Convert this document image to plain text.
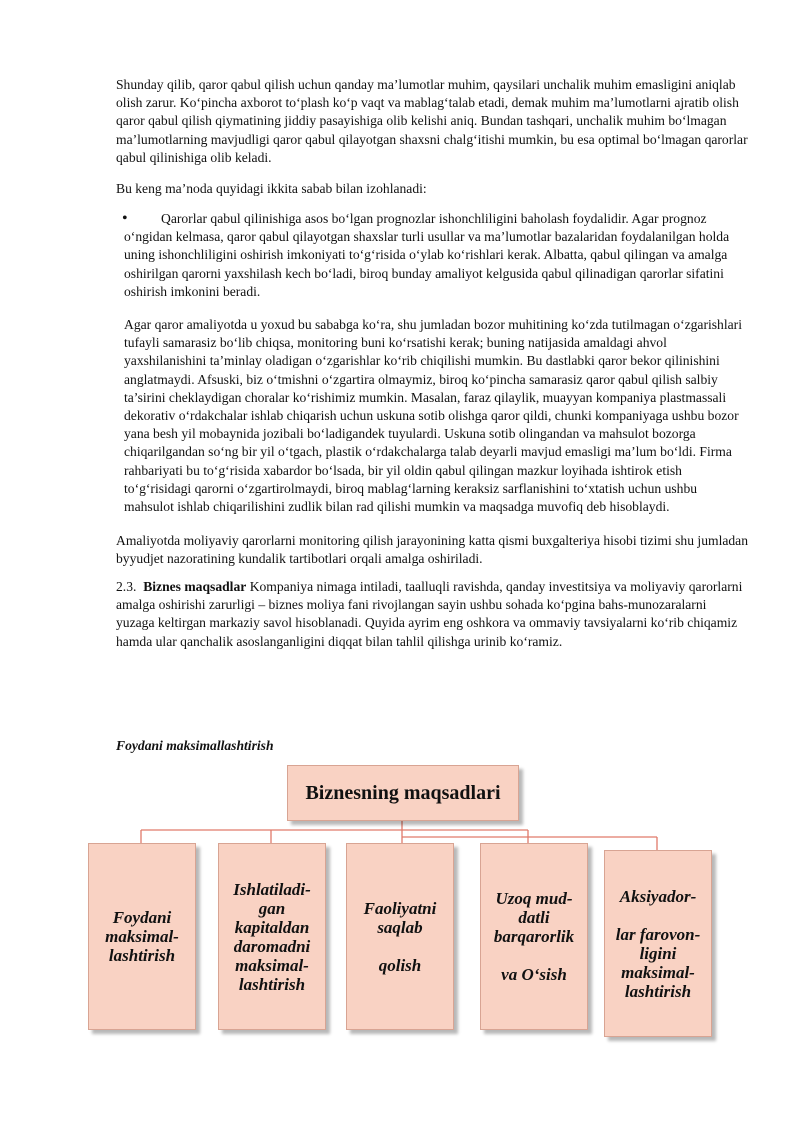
Shunday qilib, qaror qabul qilish uchun qanday ma’lumotlar muhim, qaysilari unchalik muhim emasligini aniqlab olish zarur. Koʻpincha axborot toʻplash koʻp vaqt va mablagʻtalab etadi, demak muhim ma’lumotlarni ajratib olish qaror qabul qilish qiymatining jiddiy pasayishiga olib kelishi aniq. Bundan tashqari, unchalik muhim boʻlmagan ma’lumotlarning mavjudligi qaror qabul qilayotgan shaxsni chalgʻitishi mumkin, bu esa optimal boʻlmagan qarorlar qabul qilinishiga olib keladi.

Bu keng ma’noda quyidagi ikkita sabab bilan izohlanadi:

•	Qarorlar qabul qilinishiga asos boʻlgan prognozlar ishonchliligini baholash foydalidir. Agar prognoz oʻngidan kelmasa, qaror qabul qilayotgan shaxslar turli usullar va ma’lumotlar bazalaridan foydalanilgan holda uning ishonchliligini oshirish imkoniyati toʻgʻrisida oʻylab koʻrishlari kerak. Albatta, qabul qilingan va amalga oshirilgan qarorni yaxshilash kech boʻladi, biroq bunday amaliyot kelgusida qabul qilinadigan qarorlar sifatini oshirish imkonini beradi.

Agar qaror amaliyotda u yoxud bu sababga koʻra, shu jumladan bozor muhitining koʻzda tutilmagan oʻzgarishlari tufayli samarasiz boʻlib chiqsa, monitoring buni koʻrsatishi kerak; buning natijasida amaldagi ahvol yaxshilanishini ta’minlay oladigan oʻzgarishlar koʻrib chiqilishi mumkin. Bu dastlabki qaror bekor qilinishini anglatmaydi. Afsuski, biz oʻtmishni oʻzgartira olmaymiz, biroq koʻpincha samarasiz qaror qabul qilish salbiy ta’sirini cheklaydigan choralar koʻrishimiz mumkin. Masalan, faraz qilaylik, muayyan kompaniya plastmassali dekorativ oʻrdakchalar ishlab chiqarish uchun uskuna sotib olishga qaror qildi, chunki kompaniyaga ushbu bozor yana besh yil mobaynida jozibali boʻladigandek tuyulardi. Uskuna sotib olingandan va mahsulot bozorga chiqarilgandan soʻng bir yil oʻtgach, plastik oʻrdakchalarga talab deyarli mavjud emasligi ma’lum boʻldi. Firma rahbariyati bu toʻgʻrisida xabardor boʻlsada, bir yil oldin qabul qilingan mazkur loyihada ishtirok etish toʻgʻrisidagi qarorni oʻzgartirolmaydi, biroq mablagʻlarning keraksiz sarflanishini toʻxtatish uchun ushbu mahsulot ishlab chiqarilishini zudlik bilan rad qilishi mumkin va maqsadga muvofiq deb hisoblaydi.

Amaliyotda moliyaviy qarorlarni monitoring qilish jarayonining katta qismi buxgalteriya hisobi tizimi shu jumladan byyudjet nazoratining kundalik tartibotlari orqali amalga oshiriladi.

2.3. Biznes maqsadlar Kompaniya nimaga intiladi, taalluqli ravishda, qanday investitsiya va moliyaviy qarorlarni amalga oshirishi zarurligi – biznes moliya fani rivojlangan sayin ushbu sohada koʻpgina bahs-munozaralarni yuzaga keltirgan markaziy savol hisoblanadi. Quyida ayrim eng oshkora va ommaviy tavsiyalarni koʻrib chiqamiz hamda ular qanchalik asoslanganligini diqqat bilan tahlil qilishga urinib koʻramiz.

Foydani maksimallashtirish

Biznesning maqsadlari
Foydani
maksimal-
lashtirish
Ishlatiladi-
gan
kapitaldan
daromadni
maksimal-
lashtirish
Faoliyatni
saqlab

qolish
Uzoq mud-
datli
barqarorlik

va Oʻsish
Aksiyador-

lar farovon-
ligini
maksimal-
lashtirish
